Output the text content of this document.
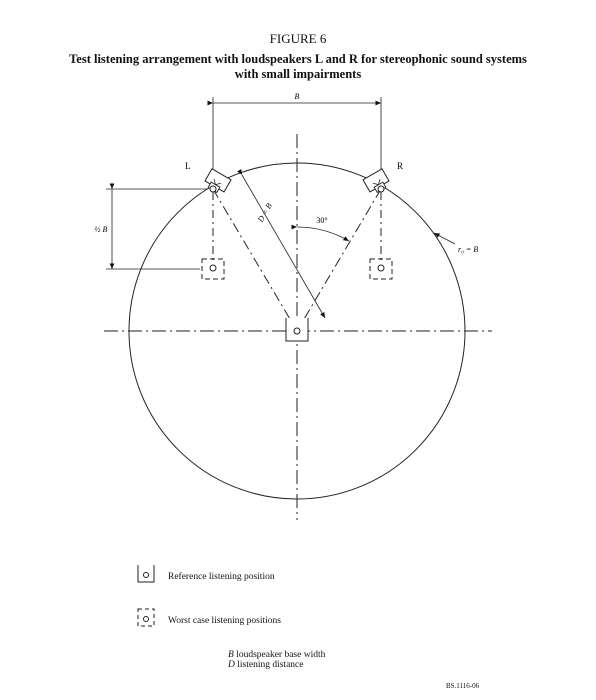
FIGURE 6
Test listening arrangement with loudspeakers L and R for stereophonic sound systems
with small impairments
B
½ B
D = B	30°
r₀ = B
L	R
Reference listening position
Worst case listening positions
B loudspeaker base width
D listening distance
BS.1116-06
